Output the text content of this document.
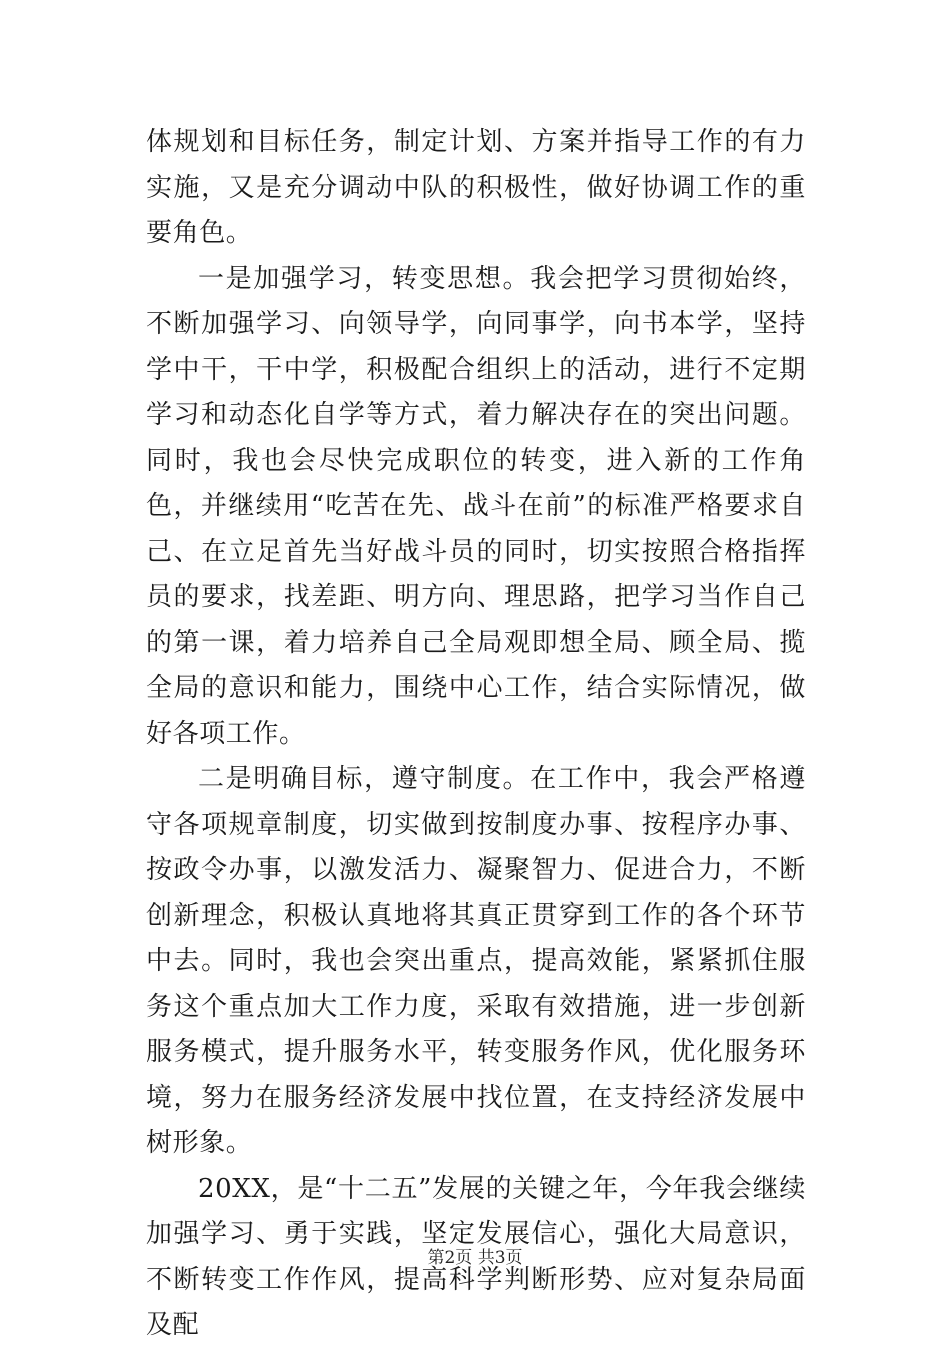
体规划和目标任务，制定计划、方案并指导工作的有力实施，又是充分调动中队的积极性，做好协调工作的重要角色。

一是加强学习，转变思想。我会把学习贯彻始终，不断加强学习、向领导学，向同事学，向书本学，坚持学中干，干中学，积极配合组织上的活动，进行不定期学习和动态化自学等方式，着力解决存在的突出问题。同时，我也会尽快完成职位的转变，进入新的工作角色，并继续用“吃苦在先、战斗在前”的标准严格要求自己、在立足首先当好战斗员的同时，切实按照合格指挥员的要求，找差距、明方向、理思路，把学习当作自己的第一课，着力培养自己全局观即想全局、顾全局、揽全局的意识和能力，围绕中心工作，结合实际情况，做好各项工作。

二是明确目标，遵守制度。在工作中，我会严格遵守各项规章制度，切实做到按制度办事、按程序办事、按政令办事，以激发活力、凝聚智力、促进合力，不断创新理念，积极认真地将其真正贯穿到工作的各个环节中去。同时，我也会突出重点，提高效能，紧紧抓住服务这个重点加大工作力度，采取有效措施，进一步创新服务模式，提升服务水平，转变服务作风，优化服务环境，努力在服务经济发展中找位置，在支持经济发展中树形象。

20XX，是“十二五”发展的关键之年，今年我会继续加强学习、勇于实践，坚定发展信心，强化大局意识，不断转变工作作风，提高科学判断形势、应对复杂局面及配

第2页 共3页
